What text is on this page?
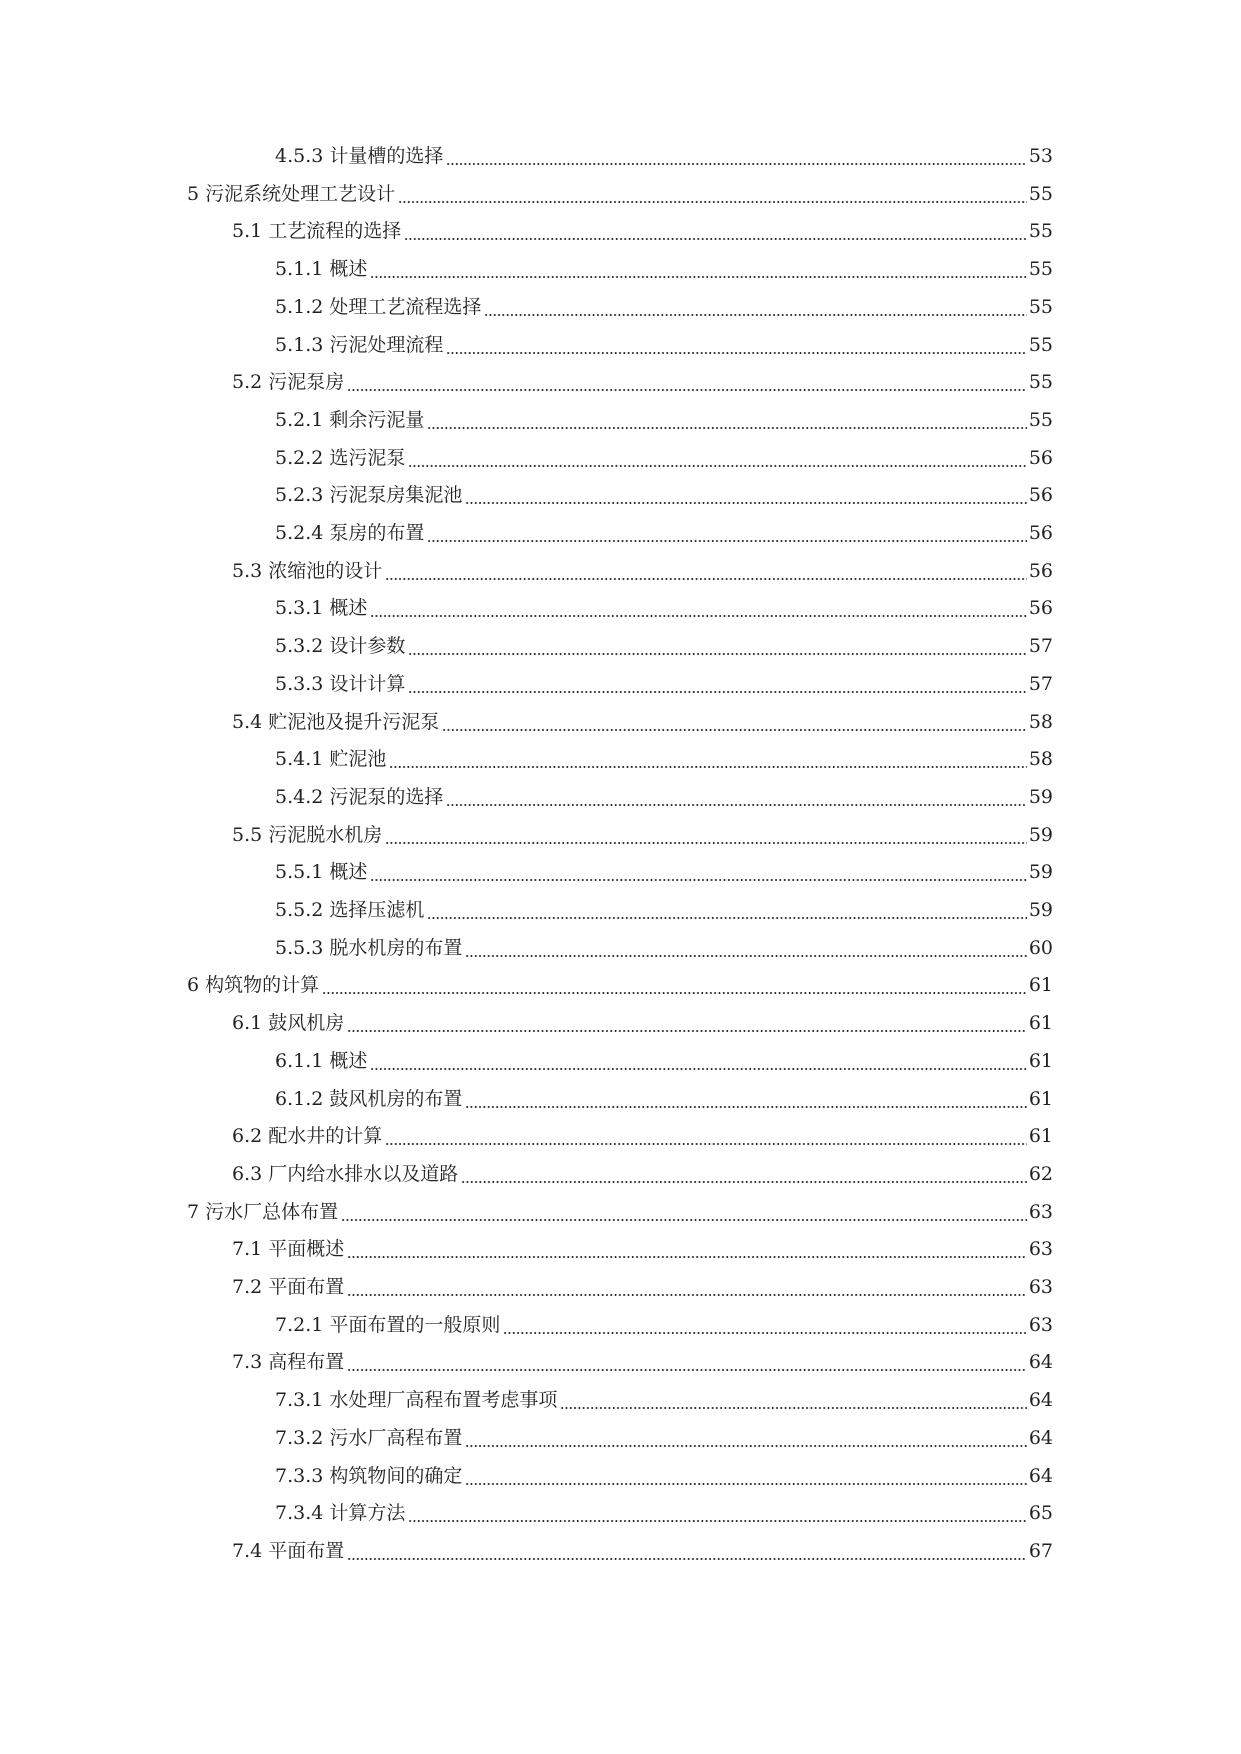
4.5.3 计量槽的选择	53
5 污泥系统处理工艺设计	55
5.1 工艺流程的选择	55
5.1.1 概述	55
5.1.2 处理工艺流程选择	55
5.1.3 污泥处理流程	55
5.2 污泥泵房	55
5.2.1 剩余污泥量	55
5.2.2 选污泥泵	56
5.2.3 污泥泵房集泥池	56
5.2.4 泵房的布置	56
5.3 浓缩池的设计	56
5.3.1 概述	56
5.3.2 设计参数	57
5.3.3 设计计算	57
5.4 贮泥池及提升污泥泵	58
5.4.1 贮泥池	58
5.4.2 污泥泵的选择	59
5.5 污泥脱水机房	59
5.5.1 概述	59
5.5.2 选择压滤机	59
5.5.3 脱水机房的布置	60
6 构筑物的计算	61
6.1 鼓风机房	61
6.1.1 概述	61
6.1.2 鼓风机房的布置	61
6.2 配水井的计算	61
6.3 厂内给水排水以及道路	62
7 污水厂总体布置	63
7.1 平面概述	63
7.2 平面布置	63
7.2.1 平面布置的一般原则	63
7.3 高程布置	64
7.3.1 水处理厂高程布置考虑事项	64
7.3.2 污水厂高程布置	64
7.3.3 构筑物间的确定	64
7.3.4 计算方法	65
7.4 平面布置	67
